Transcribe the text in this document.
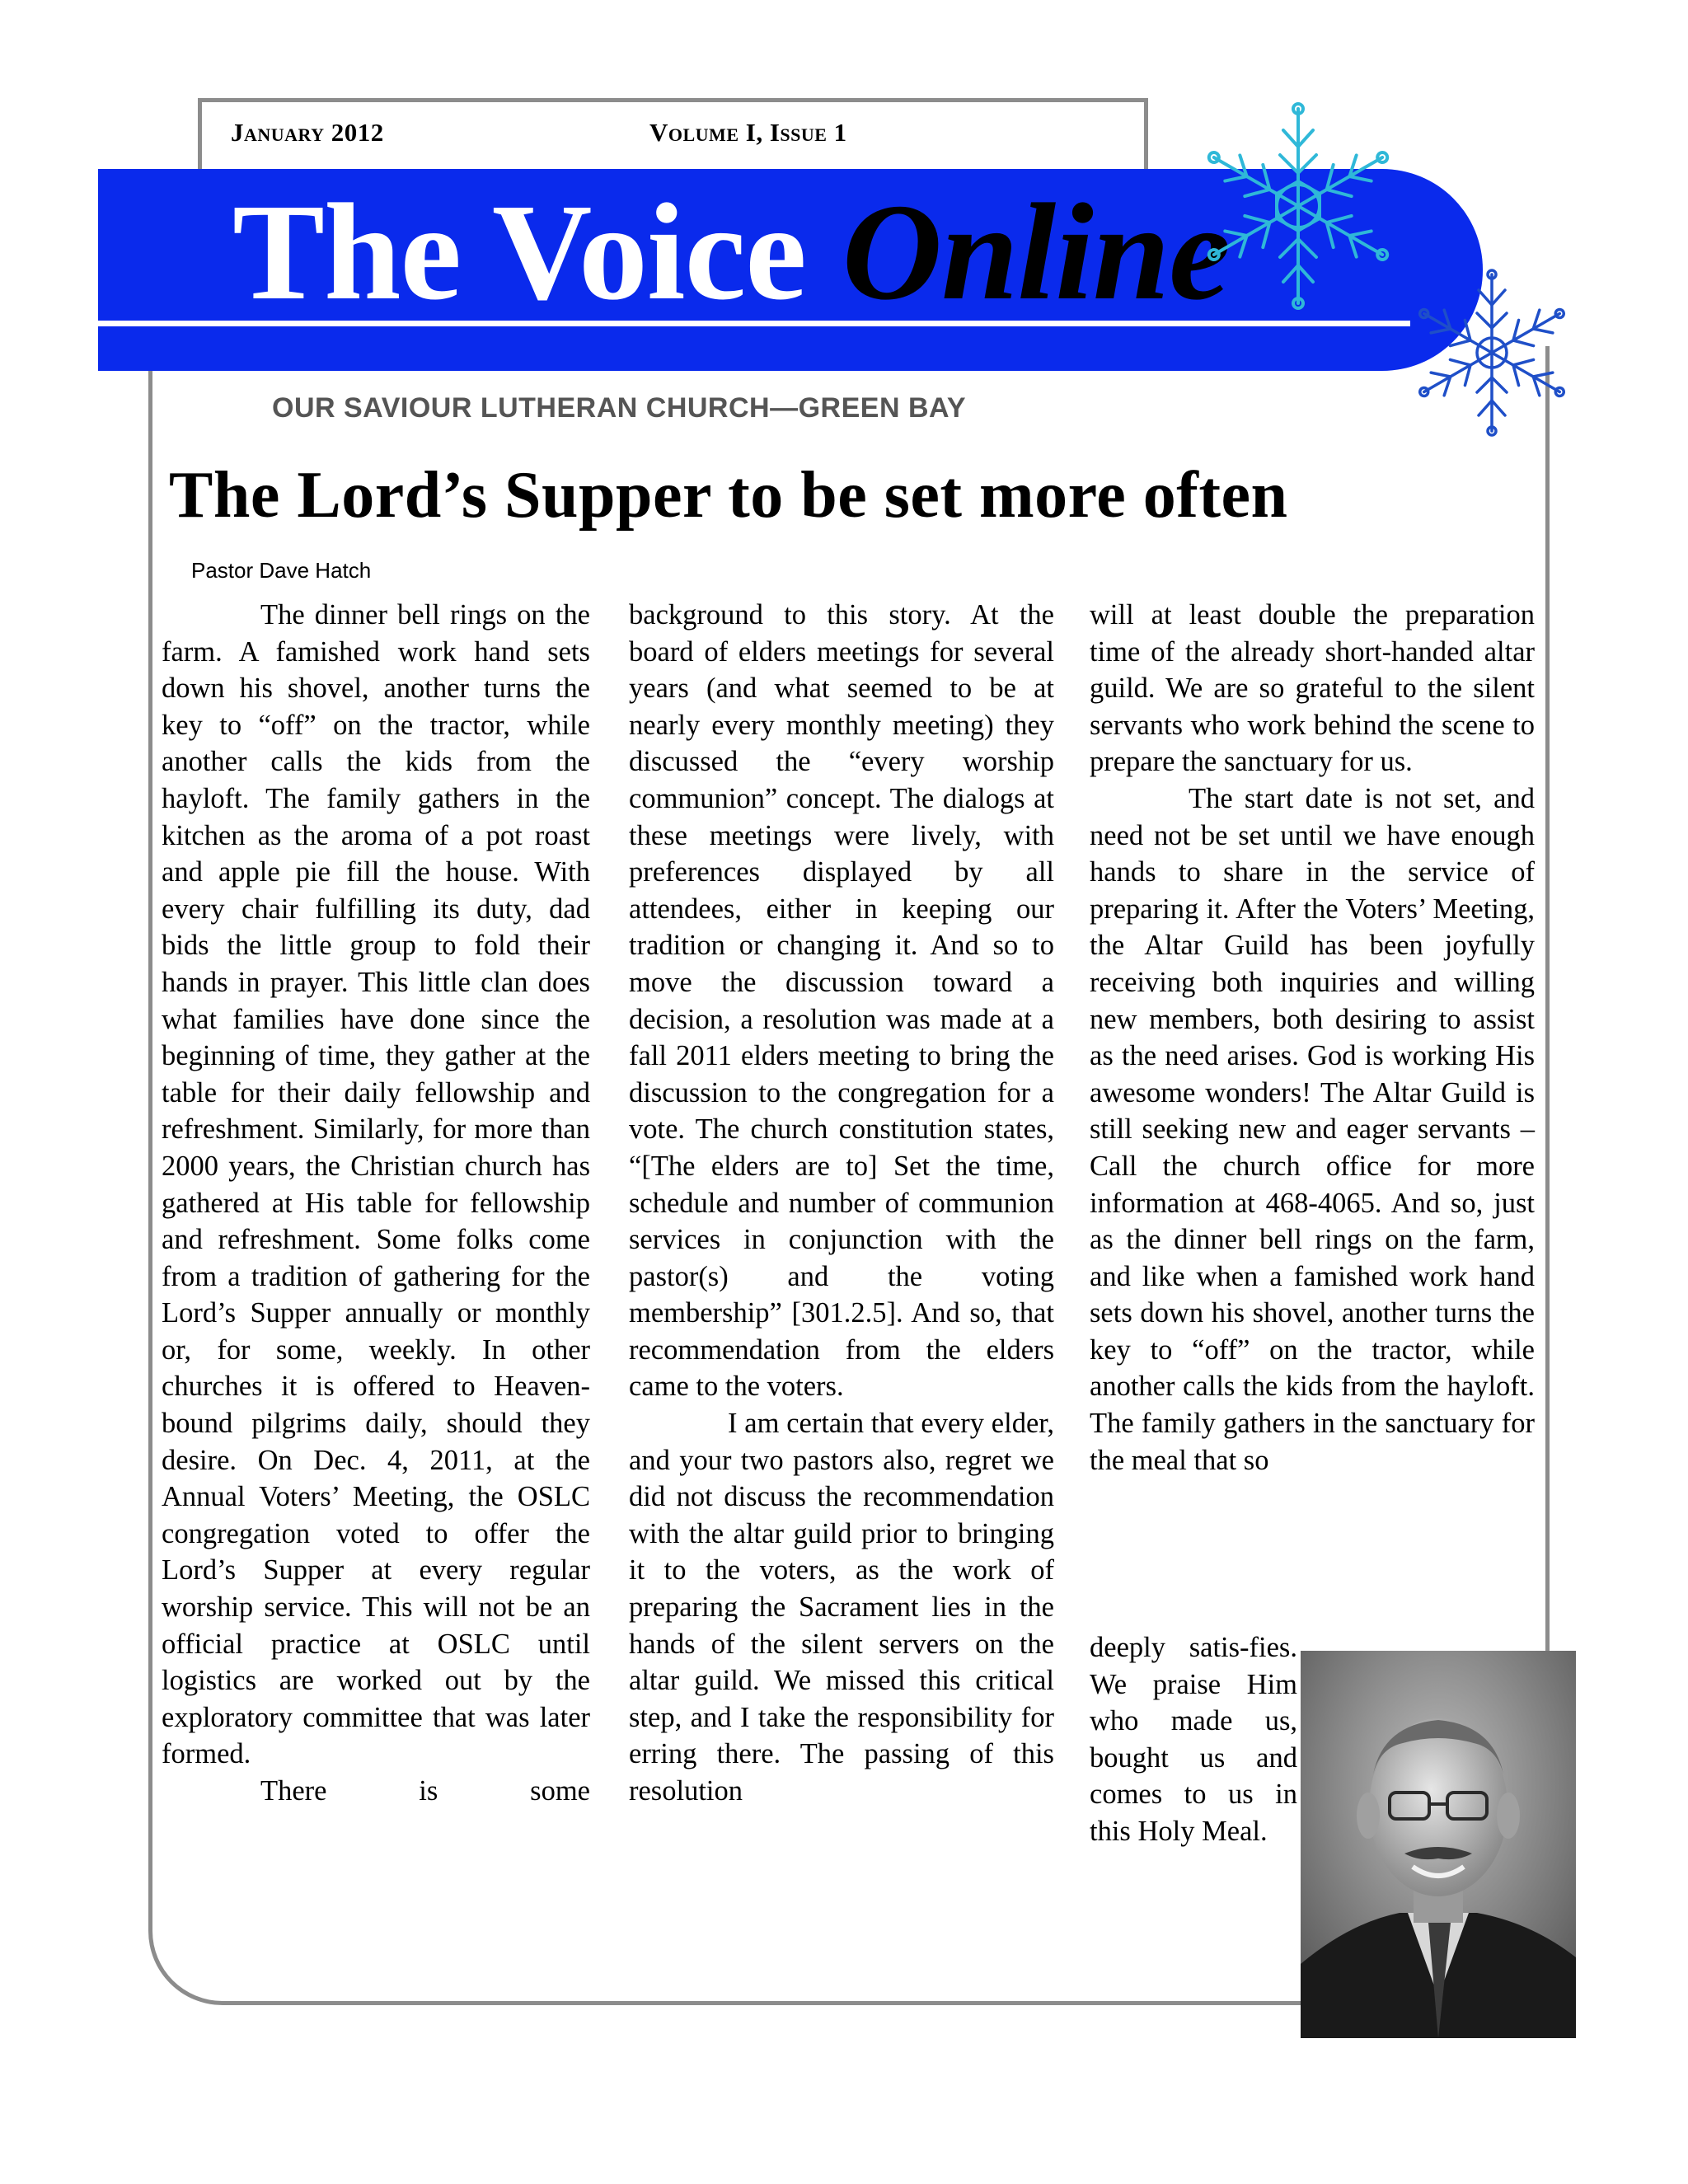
January 2012	Volume I, Issue 1
The Voice Online
OUR SAVIOUR LUTHERAN CHURCH—GREEN BAY
The Lord’s Supper to be set more often
Pastor Dave Hatch

The dinner bell rings on the farm. A famished work hand sets down his shovel, another turns the key to “off” on the tractor, while another calls the kids from the hayloft. The family gathers in the kitchen as the aroma of a pot roast and apple pie fill the house. With every chair fulfilling its duty, dad bids the little group to fold their hands in prayer. This little clan does what families have done since the beginning of time, they gather at the table for their daily fellowship and refreshment. Similarly, for more than 2000 years, the Christian church has gathered at His table for fellowship and refreshment. Some folks come from a tradition of gathering for the Lord’s Supper annually or monthly or, for some, weekly. In other churches it is offered to Heaven-bound pilgrims daily, should they desire. On Dec. 4, 2011, at the Annual Voters’ Meeting, the OSLC congregation voted to offer the Lord’s Supper at every regular worship service. This will not be an official practice at OSLC until logistics are worked out by the exploratory committee that was later formed.

There is some

background to this story. At the board of elders meetings for several years (and what seemed to be at nearly every monthly meeting) they discussed the “every worship communion” concept. The dialogs at these meetings were lively, with preferences displayed by all attendees, either in keeping our tradition or changing it. And so to move the discussion toward a decision, a resolution was made at a fall 2011 elders meeting to bring the discussion to the congregation for a vote. The church constitution states, “[The elders are to] Set the time, schedule and number of communion services in conjunction with the pastor(s) and the voting membership” [301.2.5]. And so, that recommendation from the elders came to the voters.

I am certain that every elder, and your two pastors also, regret we did not discuss the recommendation with the altar guild prior to bringing it to the voters, as the work of preparing the Sacrament lies in the hands of the silent servers on the altar guild. We missed this critical step, and I take the responsibility for erring there. The passing of this resolution

will at least double the preparation time of the already short-handed altar guild. We are so grateful to the silent servants who work behind the scene to prepare the sanctuary for us.

The start date is not set, and need not be set until we have enough hands to share in the service of preparing it. After the Voters’ Meeting, the Altar Guild has been joyfully receiving both inquiries and willing new members, both desiring to assist as the need arises. God is working His awesome wonders! The Altar Guild is still seeking new and eager servants – Call the church office for more information at 468-4065. And so, just as the dinner bell rings on the farm, and like when a famished work hand sets down his shovel, another turns the key to “off” on the tractor, while another calls the kids from the hayloft. The family gathers in the sanctuary for the meal that so

deeply satis-fies. We praise Him who made us, bought us and comes to us in this Holy Meal.
